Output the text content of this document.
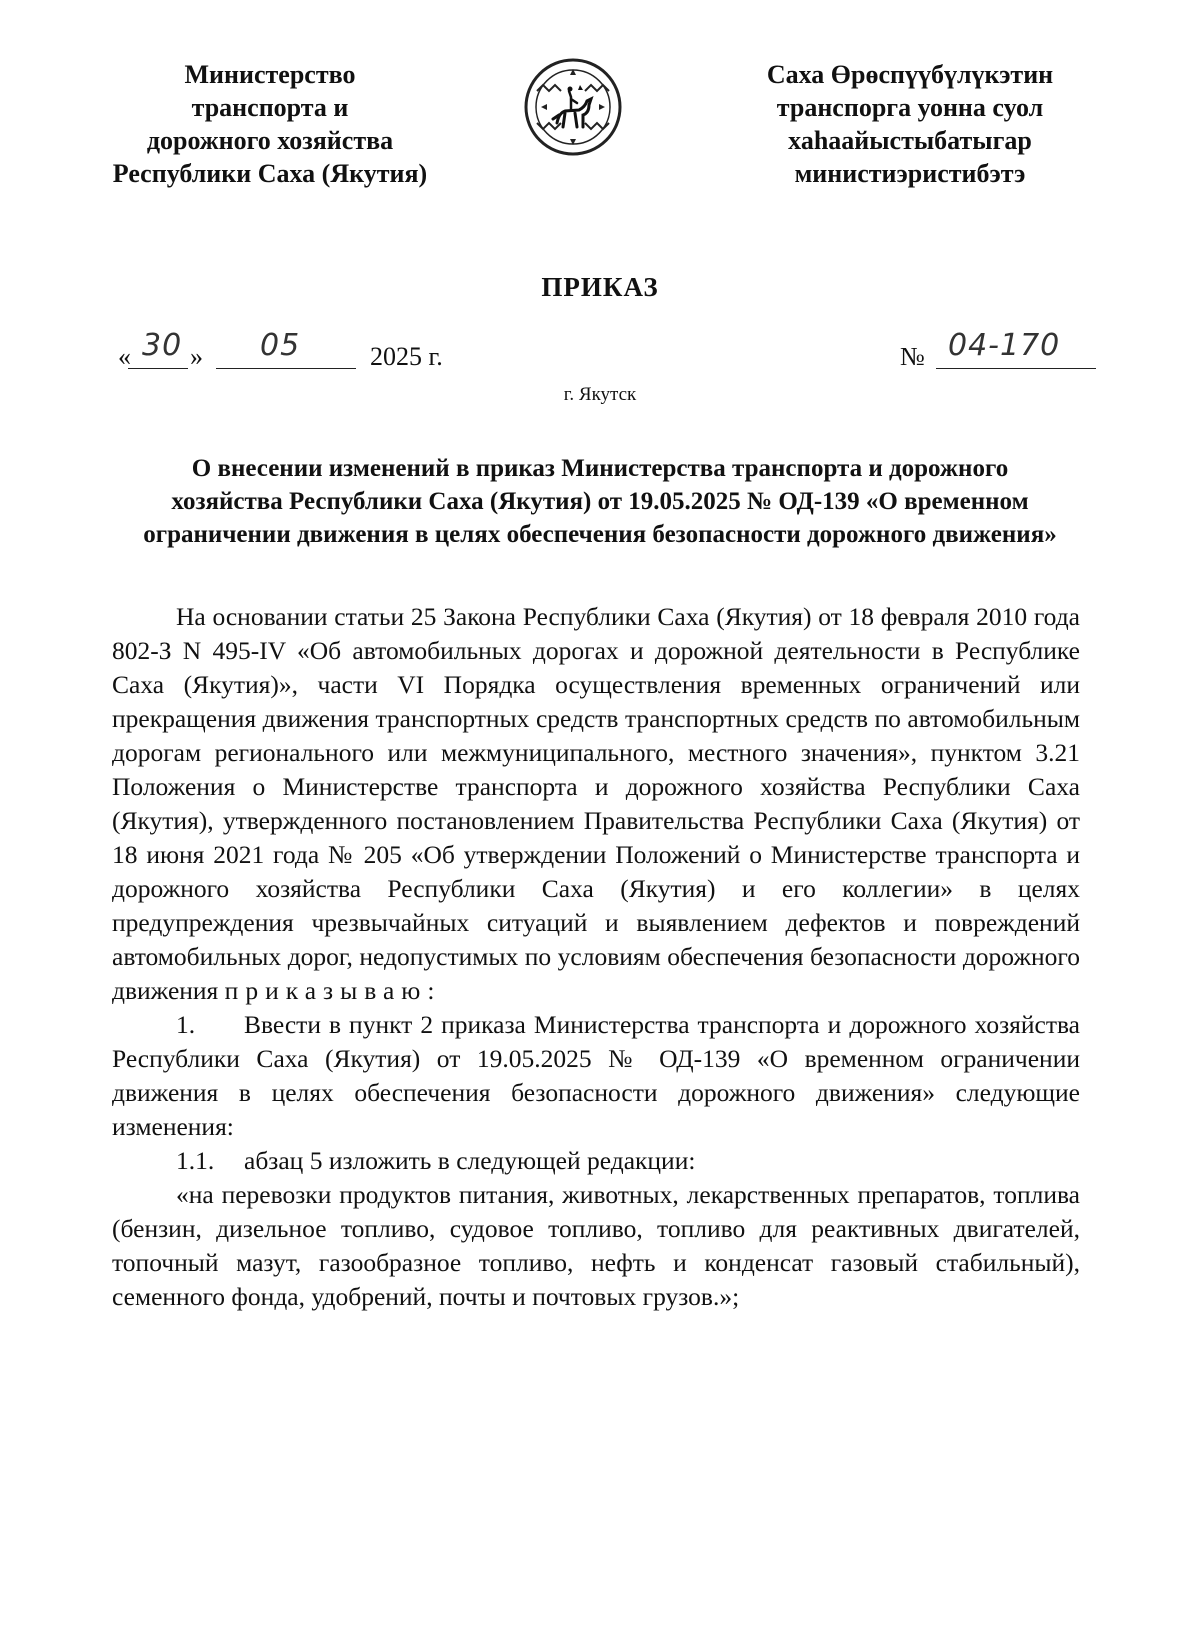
Министерство
транспорта и
дорожного хозяйства
Республики Саха (Якутия)
Саха Өрөспүүбүлүкэтин
транспорга уонна суол
хаһаайыстыбатыгар
министиэристибэтэ
ПРИКАЗ
« 30 » 05	2025 г.	№ 04-170
г. Якутск
О внесении изменений в приказ Министерства транспорта и дорожного хозяйства Республики Саха (Якутия) от 19.05.2025 № ОД-139 «О временном ограничении движения в целях обеспечения безопасности дорожного движения»

На основании статьи 25 Закона Республики Саха (Якутия) от 18 февраля 2010 года 802-З N 495-IV «Об автомобильных дорогах и дорожной деятельности в Республике Саха (Якутия)», части VI Порядка осуществления временных ограничений или прекращения движения транспортных средств транспортных средств по автомобильным дорогам регионального или межмуниципального, местного значения», пунктом 3.21 Положения о Министерстве транспорта и дорожного хозяйства Республики Саха (Якутия), утвержденного постановлением Правительства Республики Саха (Якутия) от 18 июня 2021 года № 205 «Об утверждении Положений о Министерстве транспорта и дорожного хозяйства Республики Саха (Якутия) и его коллегии» в целях предупреждения чрезвычайных ситуаций и выявлением дефектов и повреждений автомобильных дорог, недопустимых по условиям обеспечения безопасности дорожного движения приказываю:

1. Ввести в пункт 2 приказа Министерства транспорта и дорожного хозяйства Республики Саха (Якутия) от 19.05.2025 № ОД-139 «О временном ограничении движения в целях обеспечения безопасности дорожного движения» следующие изменения:

1.1. абзац 5 изложить в следующей редакции:

«на перевозки продуктов питания, животных, лекарственных препаратов, топлива (бензин, дизельное топливо, судовое топливо, топливо для реактивных двигателей, топочный мазут, газообразное топливо, нефть и конденсат газовый стабильный), семенного фонда, удобрений, почты и почтовых грузов.»;
